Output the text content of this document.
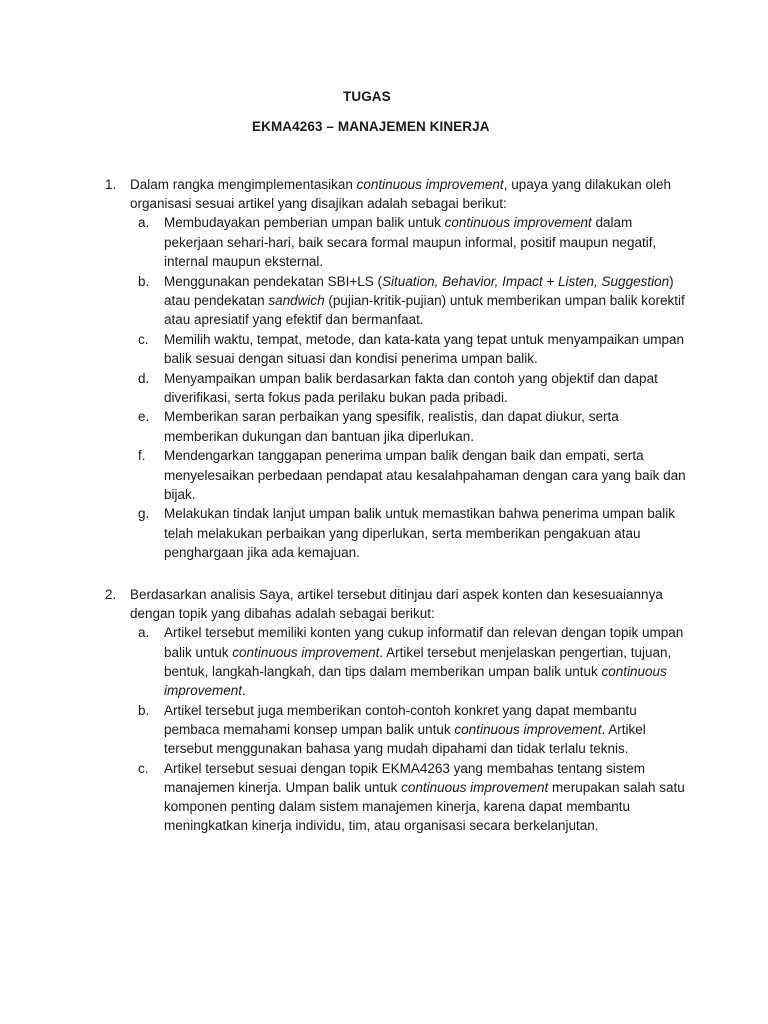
TUGAS
EKMA4263 – MANAJEMEN KINERJA
1.	Dalam rangka mengimplementasikan continuous improvement, upaya yang dilakukan oleh organisasi sesuai artikel yang disajikan adalah sebagai berikut:
a.	Membudayakan pemberian umpan balik untuk continuous improvement dalam pekerjaan sehari-hari, baik secara formal maupun informal, positif maupun negatif, internal maupun eksternal.
b.	Menggunakan pendekatan SBI+LS (Situation, Behavior, Impact + Listen, Suggestion) atau pendekatan sandwich (pujian-kritik-pujian) untuk memberikan umpan balik korektif atau apresiatif yang efektif dan bermanfaat.
c.	Memilih waktu, tempat, metode, dan kata-kata yang tepat untuk menyampaikan umpan balik sesuai dengan situasi dan kondisi penerima umpan balik.
d.	Menyampaikan umpan balik berdasarkan fakta dan contoh yang objektif dan dapat diverifikasi, serta fokus pada perilaku bukan pada pribadi.
e.	Memberikan saran perbaikan yang spesifik, realistis, dan dapat diukur, serta memberikan dukungan dan bantuan jika diperlukan.
f.	Mendengarkan tanggapan penerima umpan balik dengan baik dan empati, serta menyelesaikan perbedaan pendapat atau kesalahpahaman dengan cara yang baik dan bijak.
g.	Melakukan tindak lanjut umpan balik untuk memastikan bahwa penerima umpan balik telah melakukan perbaikan yang diperlukan, serta memberikan pengakuan atau penghargaan jika ada kemajuan.
2.	Berdasarkan analisis Saya, artikel tersebut ditinjau dari aspek konten dan kesesuaiannya dengan topik yang dibahas adalah sebagai berikut:
a.	Artikel tersebut memiliki konten yang cukup informatif dan relevan dengan topik umpan balik untuk continuous improvement. Artikel tersebut menjelaskan pengertian, tujuan, bentuk, langkah-langkah, dan tips dalam memberikan umpan balik untuk continuous improvement.
b.	Artikel tersebut juga memberikan contoh-contoh konkret yang dapat membantu pembaca memahami konsep umpan balik untuk continuous improvement. Artikel tersebut menggunakan bahasa yang mudah dipahami dan tidak terlalu teknis.
c.	Artikel tersebut sesuai dengan topik EKMA4263 yang membahas tentang sistem manajemen kinerja. Umpan balik untuk continuous improvement merupakan salah satu komponen penting dalam sistem manajemen kinerja, karena dapat membantu meningkatkan kinerja individu, tim, atau organisasi secara berkelanjutan.
